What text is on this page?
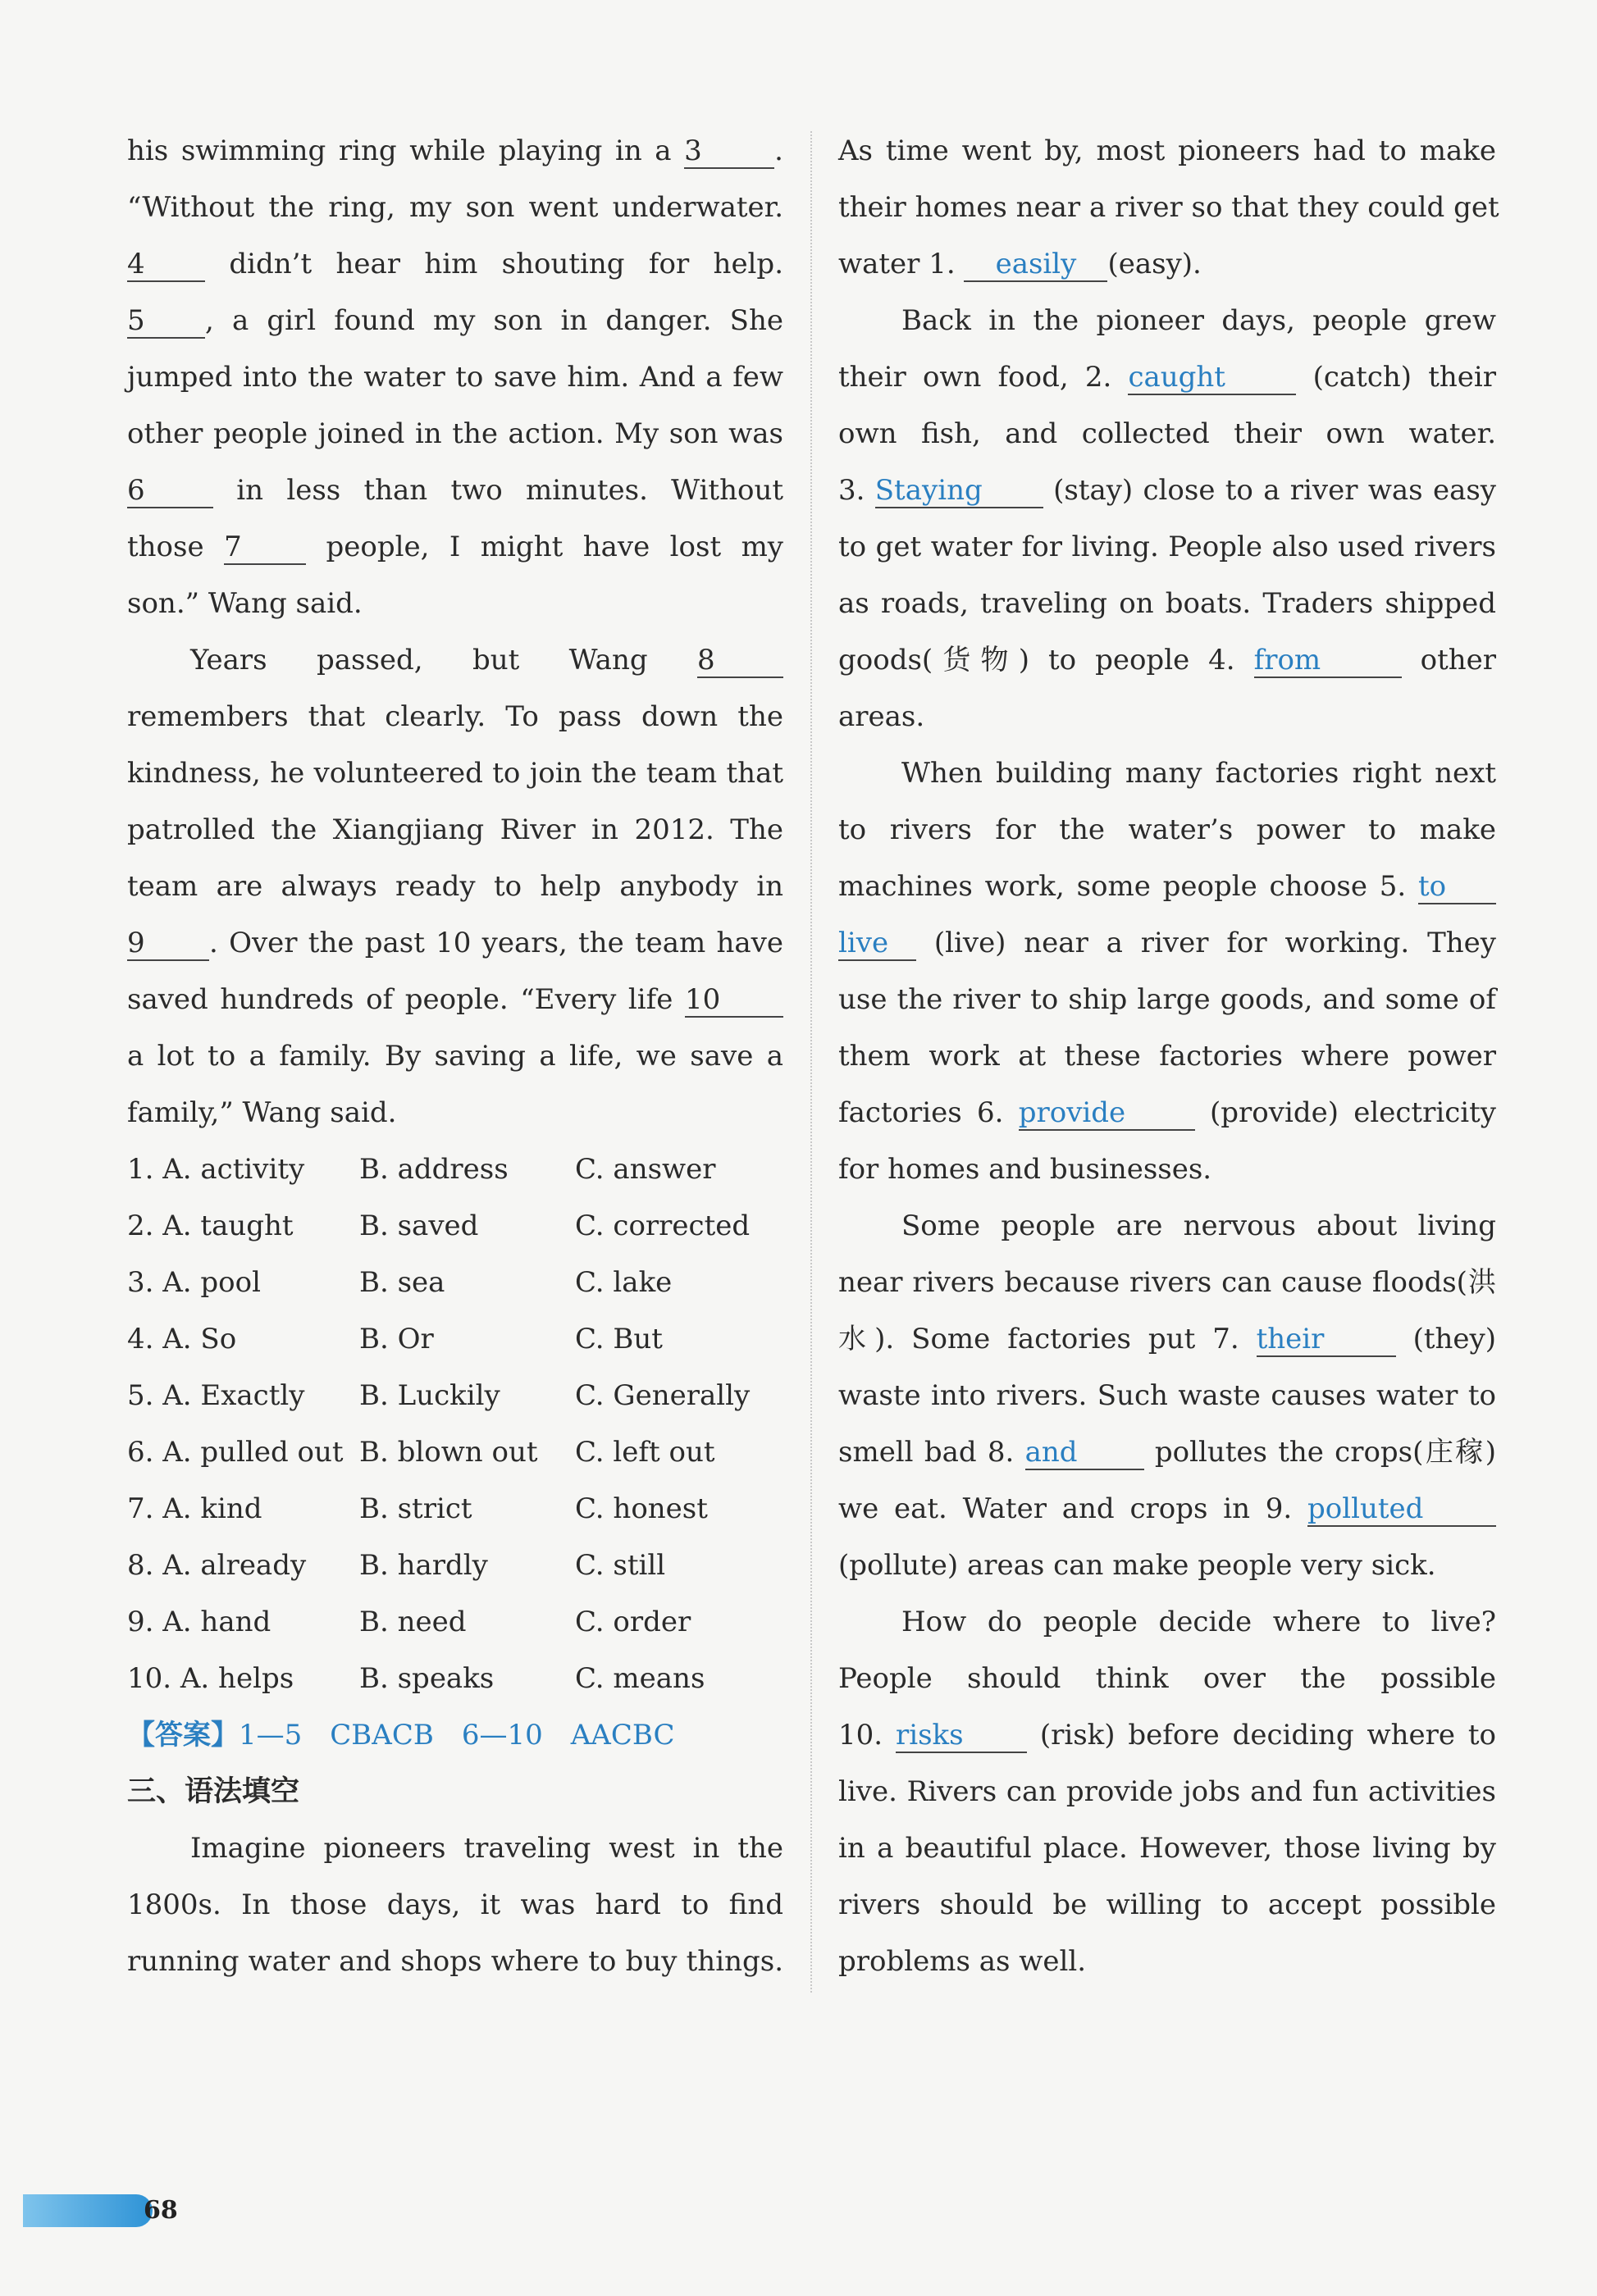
his swimming ring while playing in a 3	.
“Without the ring, my son went underwater.
4	didn’t hear him shouting for help.
5 , a girl found my son in danger. She
jumped into the water to save him. And a few
other people joined in the action. My son was
6	in less than two minutes. Without
those 7	people, I might have lost my
son.” Wang said.
Years passed, but Wang 8
remembers that clearly. To pass down the
kindness, he volunteered to join the team that
patrolled the Xiangjiang River in 2012. The
team are always ready to help anybody in
9 . Over the past 10 years, the team have
saved hundreds of people. “Every life 10
a lot to a family. By saving a life, we save a
family,” Wang said.
1. A. activity	B. address	C. answer
2. A. taught	B. saved	C. corrected
3. A. pool	B. sea	C. lake
4. A. So	B. Or	C. But
5. A. Exactly	B. Luckily	C. Generally
6. A. pulled out B. blown out	C. left out
7. A. kind	B. strict	C. honest
8. A. already	B. hardly	C. still
9. A. hand	B. need	C. order
10. A. helps	B. speaks	C. means
【答案】1—5　CBACB　6—10　AACBC
三、语法填空
Imagine pioneers traveling west in the
1800s. In those days, it was hard to find
running water and shops where to buy things.
As time went by, most pioneers had to make
their homes near a river so that they could get
water 1. easily (easy).
Back in the pioneer days, people grew
their own food, 2. caught	(catch) their
own fish, and collected their own water.
3. Staying	(stay) close to a river was easy
to get water for living. People also used rivers
as roads, traveling on boats. Traders shipped
goods(货物) to people 4. from	other
areas.
When building many factories right next
to rivers for the water’s power to make
machines work, some people choose 5. to
live (live) near a river for working. They
use the river to ship large goods, and some of
them work at these factories where power
factories 6. provide	(provide) electricity
for homes and businesses.
Some people are nervous about living
near rivers because rivers can cause floods(洪
水). Some factories put 7. their	(they)
waste into rivers. Such waste causes water to
smell bad 8. and	pollutes the crops(庄稼)
we eat. Water and crops in 9. polluted
(pollute) areas can make people very sick.
How do people decide where to live?
People should think over the possible
10. risks	(risk) before deciding where to
live. Rivers can provide jobs and fun activities
in a beautiful place. However, those living by
rivers should be willing to accept possible
problems as well.
68
